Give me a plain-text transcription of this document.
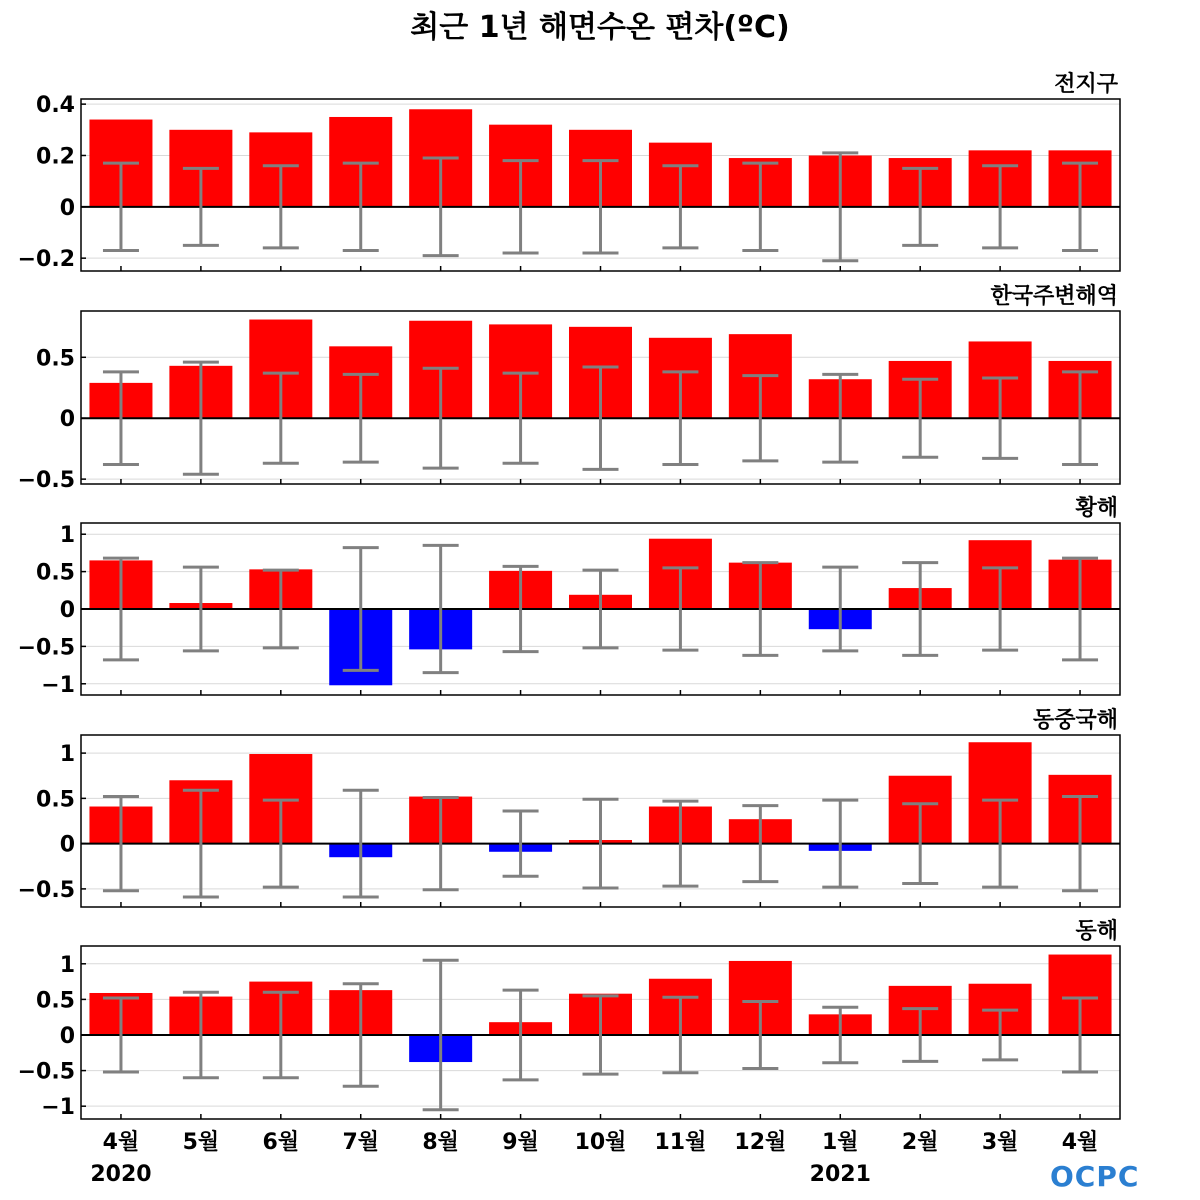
0.4
0.2
0
−0.2
전지구
0.5
0
−0.5
한국주변해역
1
0.5
0
−0.5
−1
황해
1
0.5
0
−0.5
동중국해
1
0.5
0
−0.5
−1
동해
4월 5월 6월 7월 8월 9월 10월 11월 12월 1월 2월 3월 4월
2020	2021
최근 1년 해면수온 편차(ºC)
OCPC
